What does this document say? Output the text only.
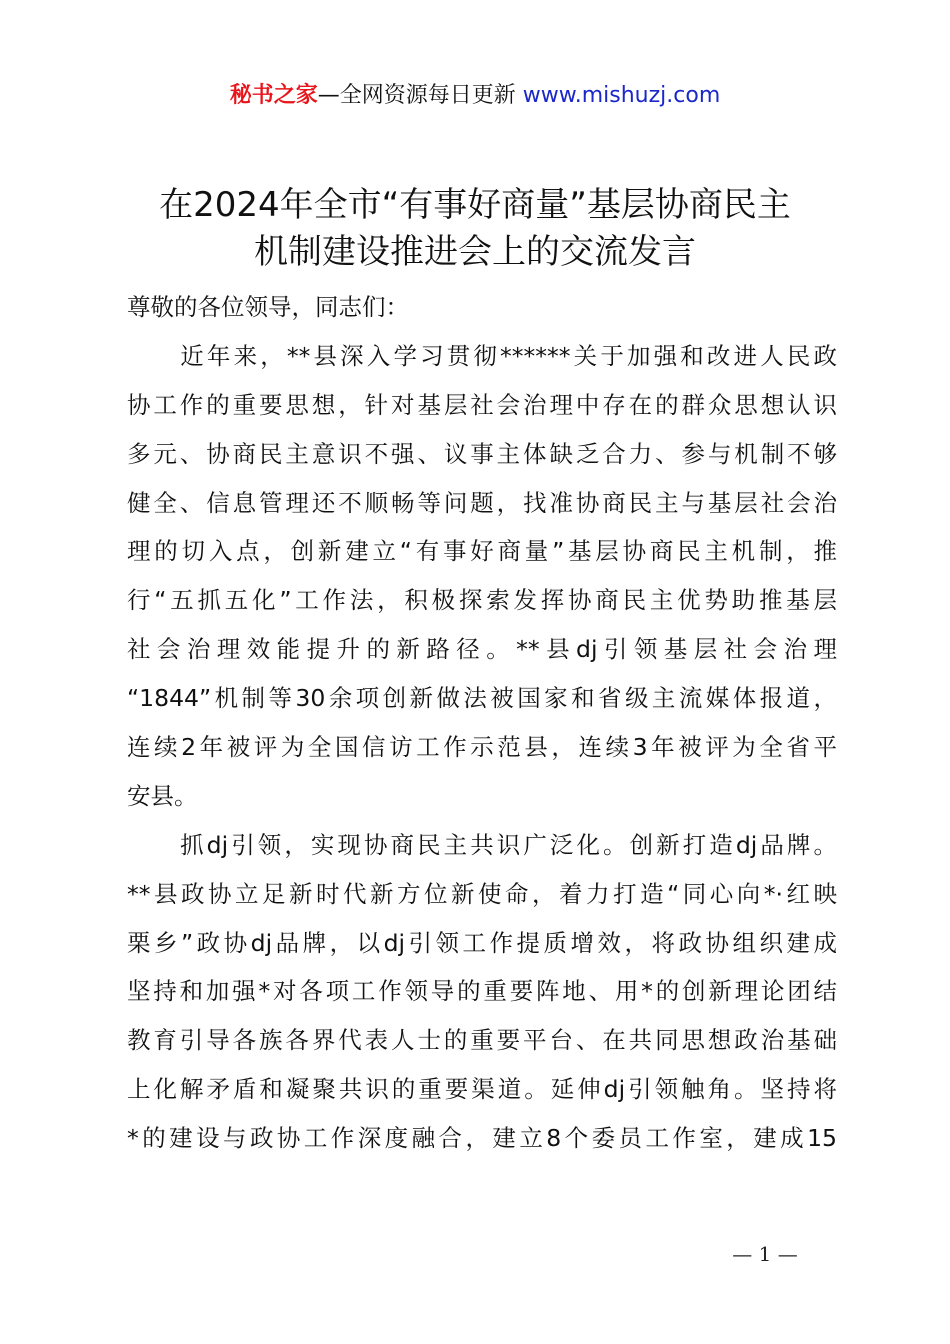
秘书之家—全网资源每日更新 www.mishuzj.com
在2024年全市“有事好商量”基层协商民主
机制建设推进会上的交流发言
尊敬的各位领导，同志们：
　　近年来，**县深入学习贯彻******关于加强和改进人民政
协工作的重要思想，针对基层社会治理中存在的群众思想认识
多元、协商民主意识不强、议事主体缺乏合力、参与机制不够
健全、信息管理还不顺畅等问题，找准协商民主与基层社会治
理的切入点，创新建立“有事好商量”基层协商民主机制，推
行“五抓五化”工作法，积极探索发挥协商民主优势助推基层
社会治理效能提升的新路径。**县dj引领基层社会治理
“1844”机制等30余项创新做法被国家和省级主流媒体报道，
连续2年被评为全国信访工作示范县，连续3年被评为全省平
安县。
　　抓dj引领，实现协商民主共识广泛化。创新打造dj品牌。
**县政协立足新时代新方位新使命，着力打造“同心向*·红映
栗乡”政协dj品牌，以dj引领工作提质增效，将政协组织建成
坚持和加强*对各项工作领导的重要阵地、用*的创新理论团结
教育引导各族各界代表人士的重要平台、在共同思想政治基础
上化解矛盾和凝聚共识的重要渠道。延伸dj引领触角。坚持将
*的建设与政协工作深度融合，建立8个委员工作室，建成15
— 1 —
